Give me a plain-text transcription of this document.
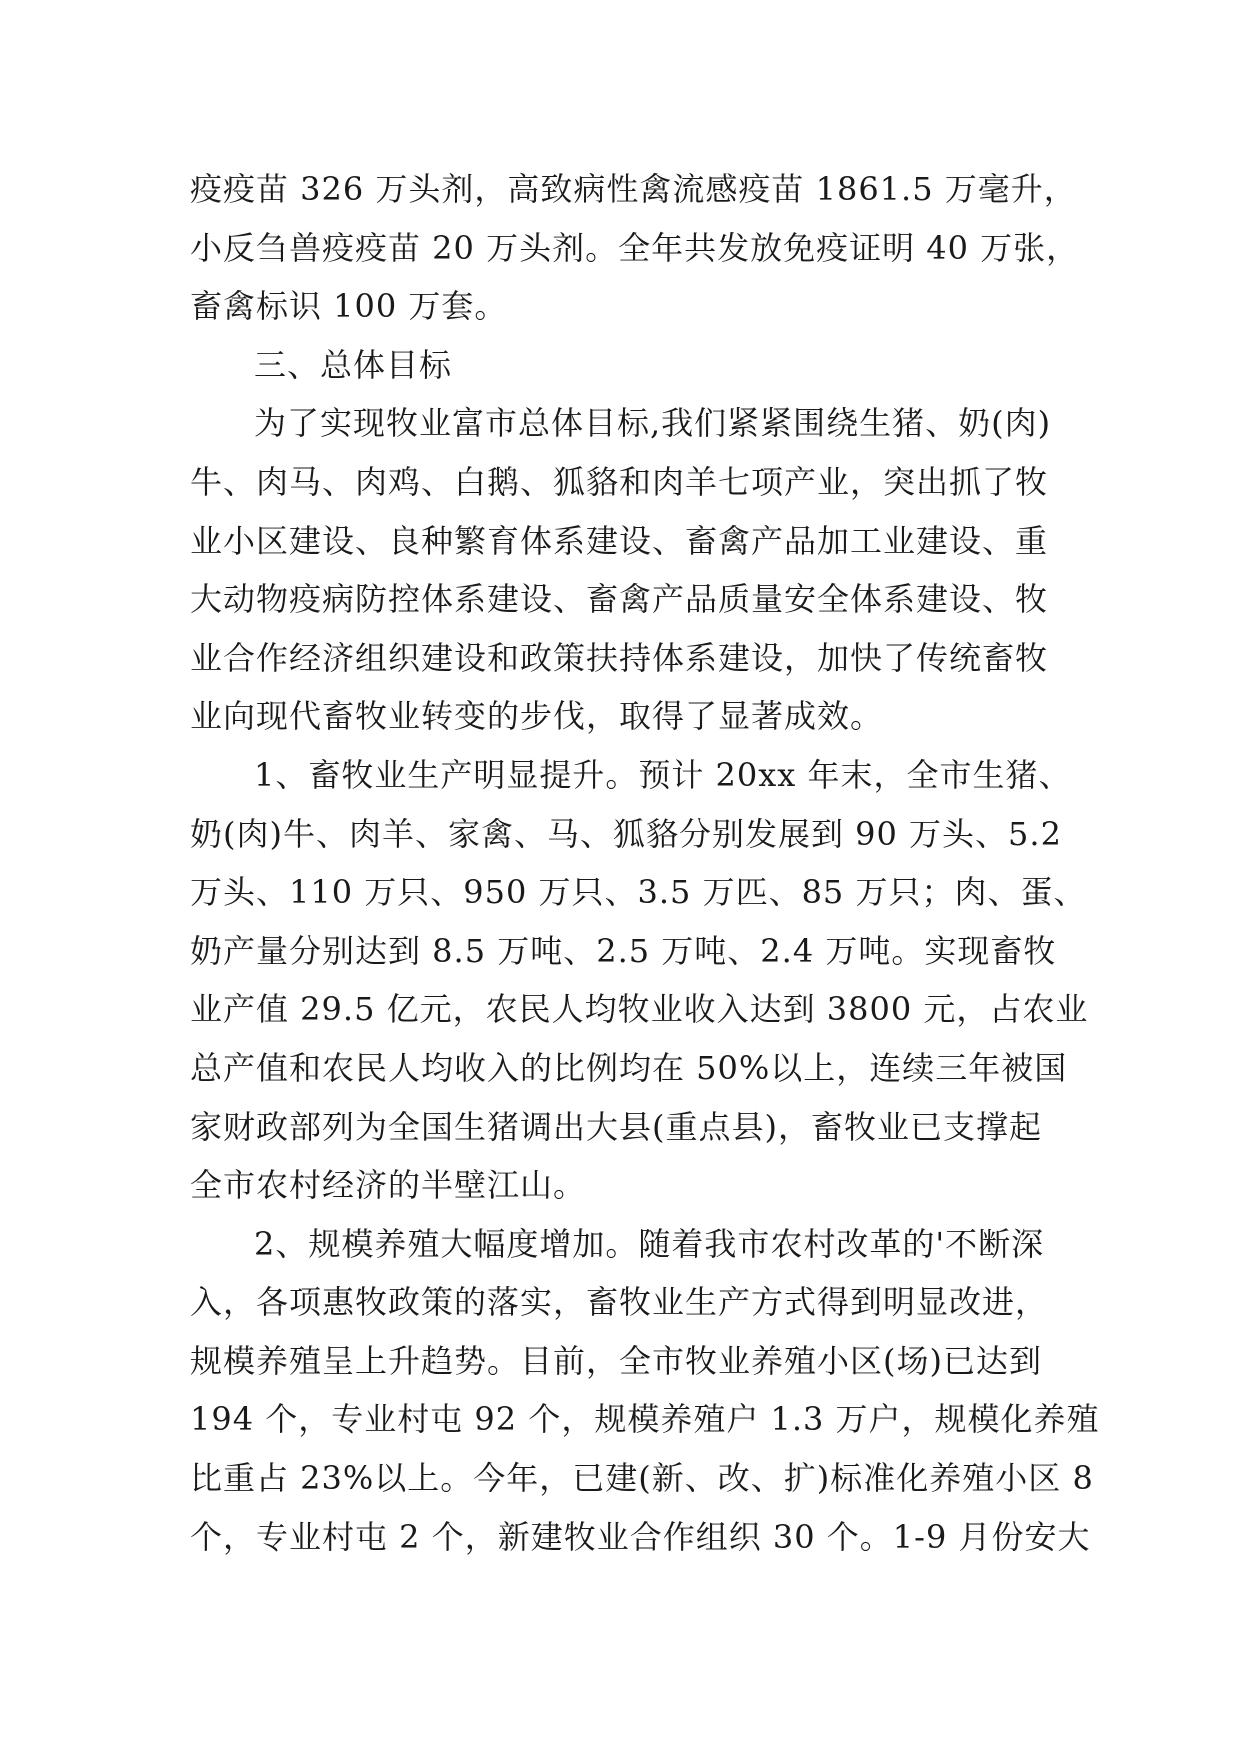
疫疫苗 326 万头剂，高致病性禽流感疫苗 1861.5 万毫升，
小反刍兽疫疫苗 20 万头剂。全年共发放免疫证明 40 万张，
畜禽标识 100 万套。
三、总体目标
为了实现牧业富市总体目标,我们紧紧围绕生猪、奶(肉)
牛、肉马、肉鸡、白鹅、狐貉和肉羊七项产业，突出抓了牧
业小区建设、良种繁育体系建设、畜禽产品加工业建设、重
大动物疫病防控体系建设、畜禽产品质量安全体系建设、牧
业合作经济组织建设和政策扶持体系建设，加快了传统畜牧
业向现代畜牧业转变的步伐，取得了显著成效。
1、畜牧业生产明显提升。预计 20xx 年末，全市生猪、
奶(肉)牛、肉羊、家禽、马、狐貉分别发展到 90 万头、5.2
万头、110 万只、950 万只、3.5 万匹、85 万只；肉、蛋、
奶产量分别达到 8.5 万吨、2.5 万吨、2.4 万吨。实现畜牧
业产值 29.5 亿元，农民人均牧业收入达到 3800 元，占农业
总产值和农民人均收入的比例均在 50%以上，连续三年被国
家财政部列为全国生猪调出大县(重点县)，畜牧业已支撑起
全市农村经济的半壁江山。
2、规模养殖大幅度增加。随着我市农村改革的'不断深
入，各项惠牧政策的落实，畜牧业生产方式得到明显改进，
规模养殖呈上升趋势。目前，全市牧业养殖小区(场)已达到
194 个，专业村屯 92 个，规模养殖户 1.3 万户，规模化养殖
比重占 23%以上。今年，已建(新、改、扩)标准化养殖小区 8
个，专业村屯 2 个，新建牧业合作组织 30 个。1-9 月份安大
